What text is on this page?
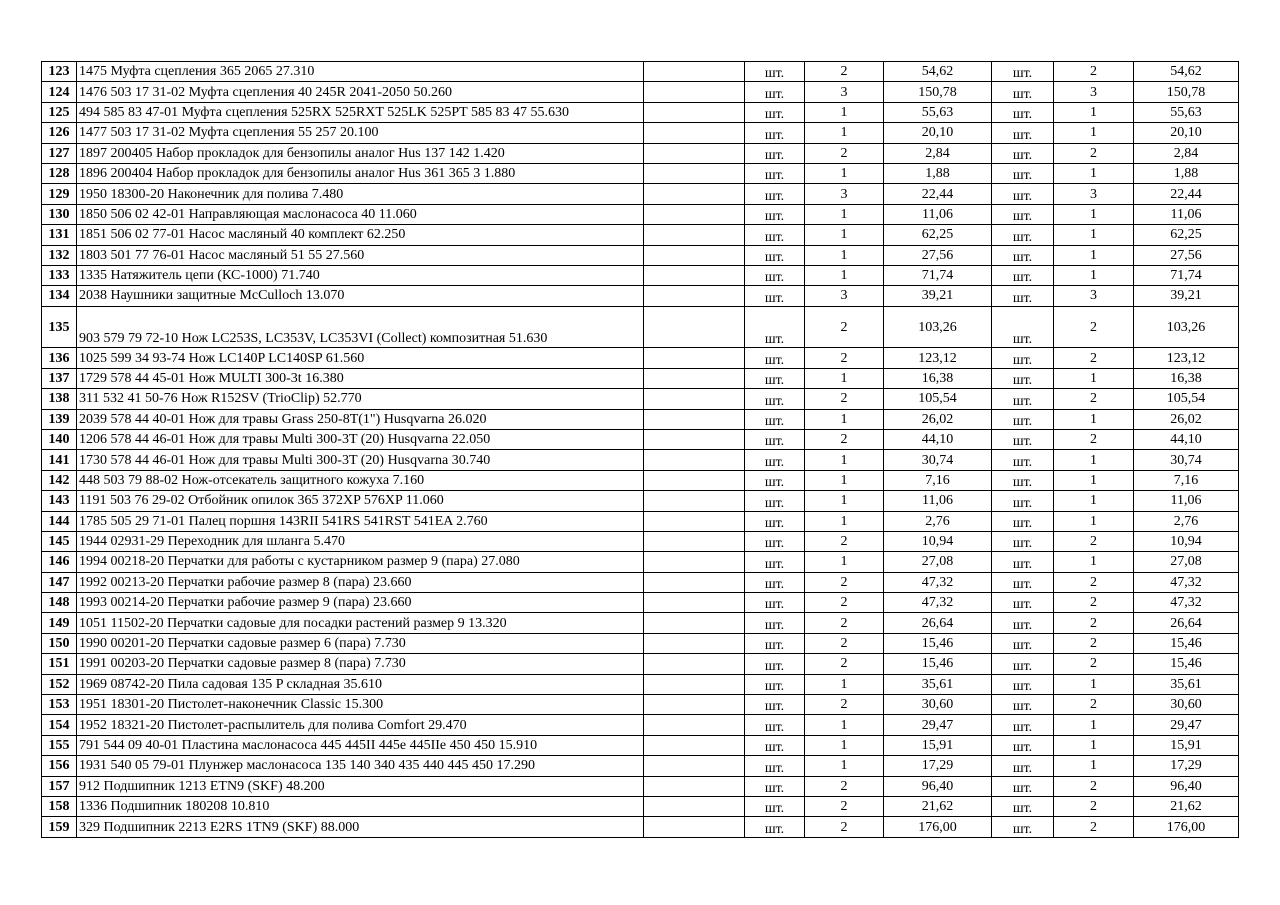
123	1475 Муфта сцепления 365 2065 27.310		шт.	2	54,62	шт.	2	54,62
124	1476 503 17 31-02 Муфта сцепления 40 245R 2041-2050 50.260		шт.	3	150,78	шт.	3	150,78
125	494 585 83 47-01 Муфта сцепления 525RX 525RXT 525LK 525PT 585 83 47 55.630		шт.	1	55,63	шт.	1	55,63
126	1477 503 17 31-02 Муфта сцепления 55 257 20.100		шт.	1	20,10	шт.	1	20,10
127	1897 200405 Набор прокладок для бензопилы аналог Hus 137 142 1.420		шт.	2	2,84	шт.	2	2,84
128	1896 200404 Набор прокладок для бензопилы аналог Hus 361 365 3 1.880		шт.	1	1,88	шт.	1	1,88
129	1950 18300-20 Наконечник для полива 7.480		шт.	3	22,44	шт.	3	22,44
130	1850 506 02 42-01 Направляющая маслонасоса 40 11.060		шт.	1	11,06	шт.	1	11,06
131	1851 506 02 77-01 Насос масляный 40 комплект 62.250		шт.	1	62,25	шт.	1	62,25
132	1803 501 77 76-01 Насос масляный 51 55 27.560		шт.	1	27,56	шт.	1	27,56
133	1335 Натяжитель цепи (КС-1000) 71.740		шт.	1	71,74	шт.	1	71,74
134	2038 Наушники защитные McCulloch 13.070		шт.	3	39,21	шт.	3	39,21
135	903 579 79 72-10 Нож LC253S, LC353V, LC353VI (Collect) композитная 51.630		шт.	2	103,26	шт.	2	103,26
136	1025 599 34 93-74 Нож LC140P LC140SP 61.560		шт.	2	123,12	шт.	2	123,12
137	1729 578 44 45-01 Нож MULTI 300-3t 16.380		шт.	1	16,38	шт.	1	16,38
138	311 532 41 50-76 Нож R152SV (TrioClip) 52.770		шт.	2	105,54	шт.	2	105,54
139	2039 578 44 40-01 Нож для травы Grass 250-8T(1") Husqvarna 26.020		шт.	1	26,02	шт.	1	26,02
140	1206 578 44 46-01 Нож для травы Multi 300-3T (20) Husqvarna 22.050		шт.	2	44,10	шт.	2	44,10
141	1730 578 44 46-01 Нож для травы Multi 300-3T (20) Husqvarna 30.740		шт.	1	30,74	шт.	1	30,74
142	448 503 79 88-02 Нож-отсекатель защитного кожуха 7.160		шт.	1	7,16	шт.	1	7,16
143	1191 503 76 29-02 Отбойник опилок 365 372XP 576XP 11.060		шт.	1	11,06	шт.	1	11,06
144	1785 505 29 71-01 Палец поршня 143RII 541RS 541RST 541EA 2.760		шт.	1	2,76	шт.	1	2,76
145	1944 02931-29 Переходник для шланга 5.470		шт.	2	10,94	шт.	2	10,94
146	1994 00218-20 Перчатки для работы с кустарником размер 9 (пара) 27.080		шт.	1	27,08	шт.	1	27,08
147	1992 00213-20 Перчатки рабочие размер 8 (пара) 23.660		шт.	2	47,32	шт.	2	47,32
148	1993 00214-20 Перчатки рабочие размер 9 (пара) 23.660		шт.	2	47,32	шт.	2	47,32
149	1051 11502-20 Перчатки садовые для посадки растений размер 9 13.320		шт.	2	26,64	шт.	2	26,64
150	1990 00201-20 Перчатки садовые размер 6 (пара) 7.730		шт.	2	15,46	шт.	2	15,46
151	1991 00203-20 Перчатки садовые размер 8 (пара) 7.730		шт.	2	15,46	шт.	2	15,46
152	1969 08742-20 Пила садовая 135 P складная 35.610		шт.	1	35,61	шт.	1	35,61
153	1951 18301-20 Пистолет-наконечник Classic 15.300		шт.	2	30,60	шт.	2	30,60
154	1952 18321-20 Пистолет-распылитель для полива Comfort 29.470		шт.	1	29,47	шт.	1	29,47
155	791 544 09 40-01 Пластина маслонасоса 445 445II 445e 445IIe 450 450 15.910		шт.	1	15,91	шт.	1	15,91
156	1931 540 05 79-01 Плунжер маслонасоса 135 140 340 435 440 445 450 17.290		шт.	1	17,29	шт.	1	17,29
157	912 Подшипник 1213 ETN9 (SKF) 48.200		шт.	2	96,40	шт.	2	96,40
158	1336 Подшипник 180208 10.810		шт.	2	21,62	шт.	2	21,62
159	329 Подшипник 2213 E2RS 1TN9 (SKF) 88.000		шт.	2	176,00	шт.	2	176,00
